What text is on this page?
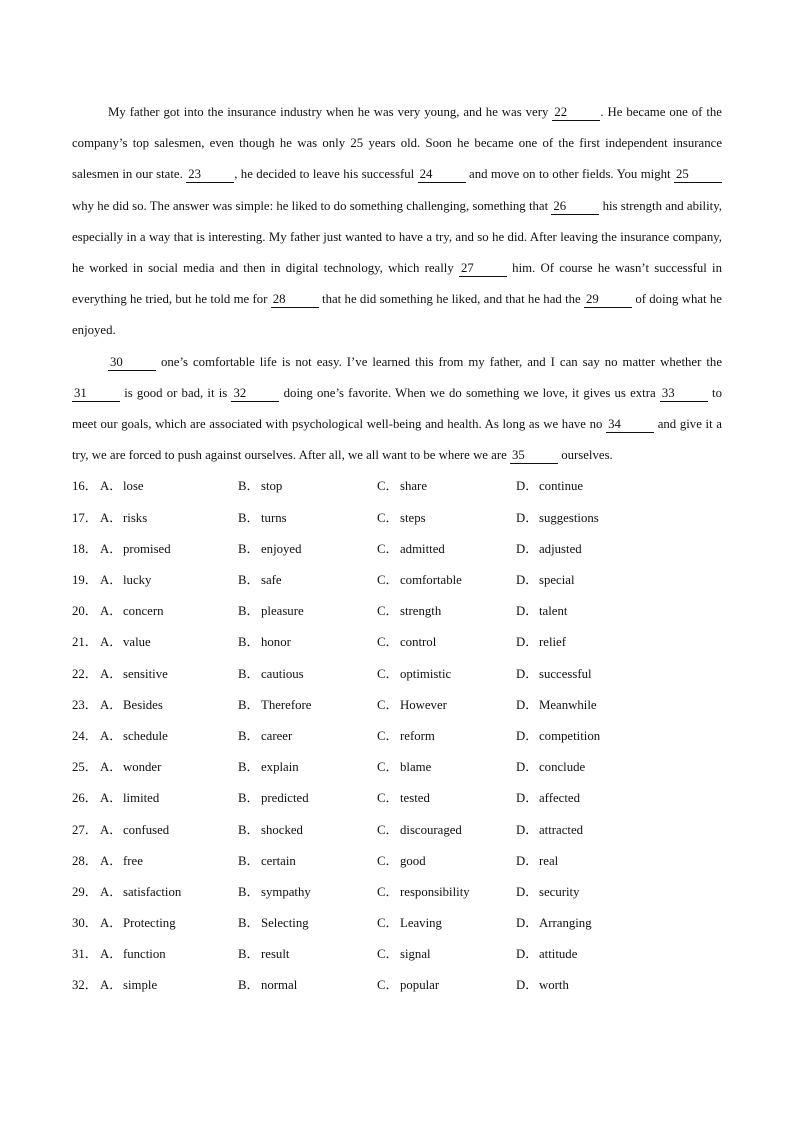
My father got into the insurance industry when he was very young, and he was very 22	. He became one of the company’s top salesmen, even though he was only 25 years old. Soon he became one of the first independent insurance salesmen in our state. 23	, he decided to leave his successful 24	and move on to other fields. You might 25 why he did so. The answer was simple: he liked to do something challenging, something that 26	his strength and ability, especially in a way that is interesting. My father just wanted to have a try, and so he did. After leaving the insurance company, he worked in social media and then in digital technology, which really 27	him. Of course he wasn’t successful in everything he tried, but he told me for 28	that he did something he liked, and that he had the 29	of doing what he enjoyed.

30	one’s comfortable life is not easy. I’ve learned this from my father, and I can say no matter whether the 31	is good or bad, it is 32	doing one’s favorite. When we do something we love, it gives us extra 33	to meet our goals, which are associated with psychological well-being and health. As long as we have no 34	and give it a try, we are forced to push against ourselves. After all, we all want to be where we are 35	ourselves.

16． A． lose	B． stop	C． share	D． continue
17． A． risks	B． turns	C． steps	D． suggestions
18． A． promised	B． enjoyed	C． admitted	D． adjusted
19． A． lucky	B． safe	C． comfortable	D． special
20． A． concern	B． pleasure	C． strength	D． talent
21． A． value	B． honor	C． control	D． relief
22． A． sensitive	B． cautious	C． optimistic	D． successful
23． A． Besides	B． Therefore	C． However	D． Meanwhile
24． A． schedule	B． career	C． reform	D． competition
25． A． wonder	B． explain	C． blame	D． conclude
26． A． limited	B． predicted	C． tested	D． affected
27． A． confused	B． shocked	C． discouraged	D． attracted
28． A． free	B． certain	C． good	D． real
29． A． satisfaction	B． sympathy	C． responsibility	D． security
30． A． Protecting	B． Selecting	C． Leaving	D． Arranging
31． A． function	B． result	C． signal	D． attitude
32． A． simple	B． normal	C． popular	D． worth
